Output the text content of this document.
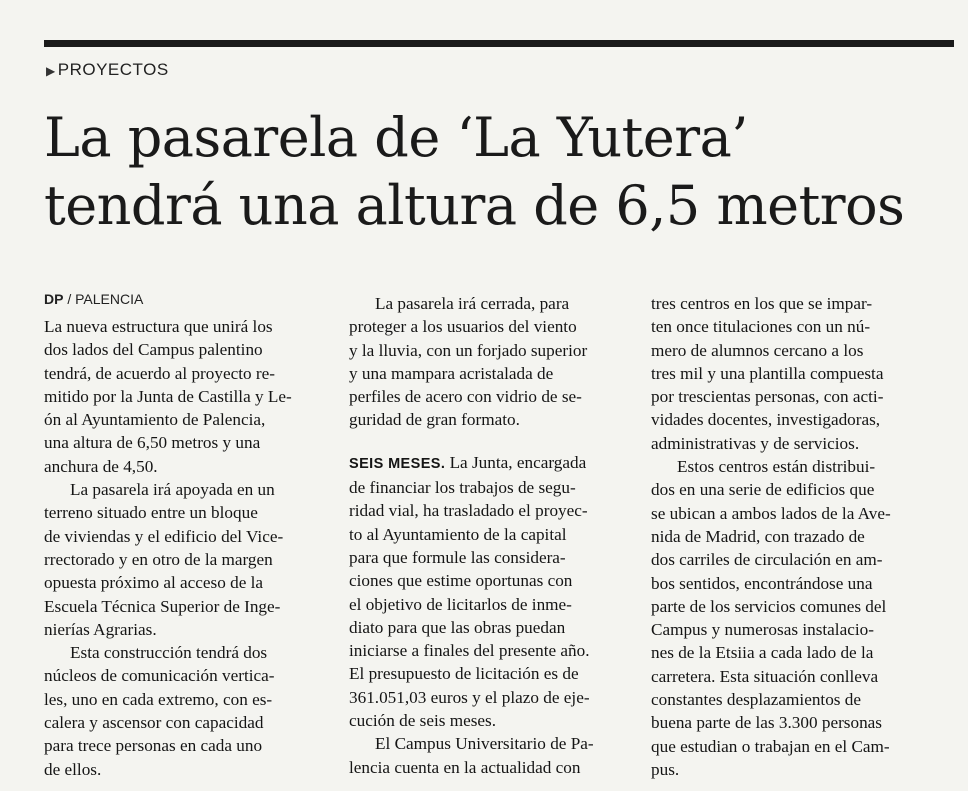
▶ PROYECTOS
La pasarela de ‘La Yutera’
tendrá una altura de 6,5 metros
DP / PALENCIA
La nueva estructura que unirá los
dos lados del Campus palentino
tendrá, de acuerdo al proyecto re-
mitido por la Junta de Castilla y Le-
ón al Ayuntamiento de Palencia,
una altura de 6,50 metros y una
anchura de 4,50.
La pasarela irá apoyada en un
terreno situado entre un bloque
de viviendas y el edificio del Vice-
rrectorado y en otro de la margen
opuesta próximo al acceso de la
Escuela Técnica Superior de Inge-
nierías Agrarias.
Esta construcción tendrá dos
núcleos de comunicación vertica-
les, uno en cada extremo, con es-
calera y ascensor con capacidad
para trece personas en cada uno
de ellos.
La pasarela irá cerrada, para
proteger a los usuarios del viento
y la lluvia, con un forjado superior
y una mampara acristalada de
perfiles de acero con vidrio de se-
guridad de gran formato.
SEIS MESES. La Junta, encargada
de financiar los trabajos de segu-
ridad vial, ha trasladado el proyec-
to al Ayuntamiento de la capital
para que formule las considera-
ciones que estime oportunas con
el objetivo de licitarlos de inme-
diato para que las obras puedan
iniciarse a finales del presente año.
El presupuesto de licitación es de
361.051,03 euros y el plazo de eje-
cución de seis meses.
El Campus Universitario de Pa-
lencia cuenta en la actualidad con
tres centros en los que se impar-
ten once titulaciones con un nú-
mero de alumnos cercano a los
tres mil y una plantilla compuesta
por trescientas personas, con acti-
vidades docentes, investigadoras,
administrativas y de servicios.
Estos centros están distribui-
dos en una serie de edificios que
se ubican a ambos lados de la Ave-
nida de Madrid, con trazado de
dos carriles de circulación en am-
bos sentidos, encontrándose una
parte de los servicios comunes del
Campus y numerosas instalacio-
nes de la Etsiia a cada lado de la
carretera. Esta situación conlleva
constantes desplazamientos de
buena parte de las 3.300 personas
que estudian o trabajan en el Cam-
pus.
